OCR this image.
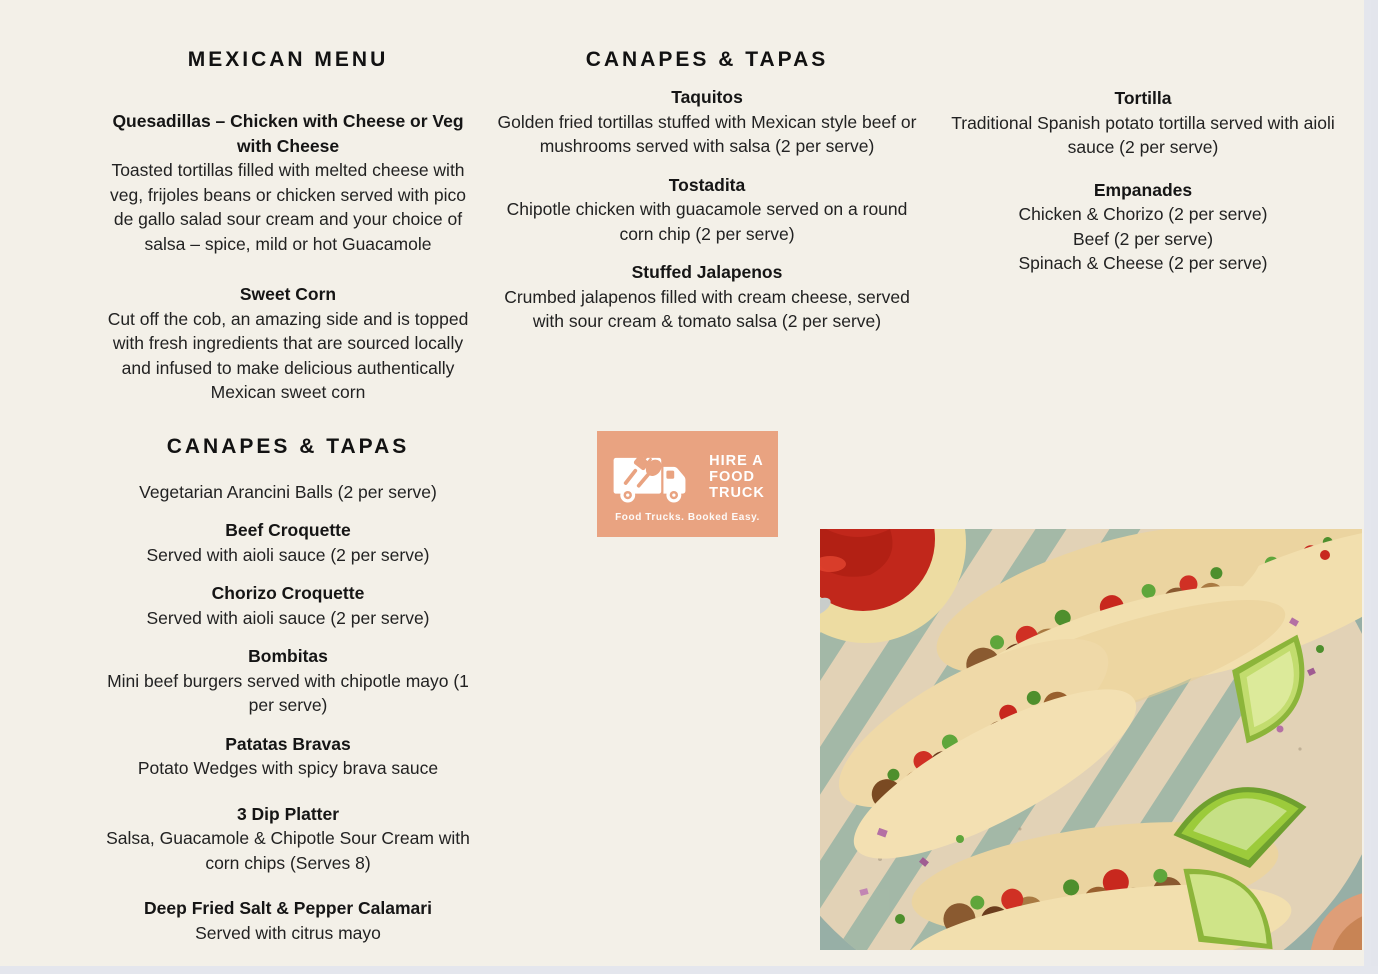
MEXICAN MENU
Quesadillas – Chicken with Cheese or Veg with Cheese
Toasted tortillas filled with melted cheese with veg, frijoles beans or chicken served with pico de gallo salad sour cream and your choice of salsa – spice, mild or hot Guacamole
Sweet Corn
Cut off the cob, an amazing side and is topped with fresh ingredients that are sourced locally and infused to make delicious authentically Mexican sweet corn
CANAPES & TAPAS
Vegetarian Arancini Balls (2 per serve)
Beef Croquette
Served with aioli sauce (2 per serve)
Chorizo Croquette
Served with aioli sauce (2 per serve)
Bombitas
Mini beef burgers served with chipotle mayo (1 per serve)
Patatas Bravas
Potato Wedges with spicy brava sauce
3 Dip Platter
Salsa, Guacamole & Chipotle Sour Cream with corn chips (Serves 8)
Deep Fried Salt & Pepper Calamari
Served with citrus mayo
CANAPES & TAPAS
Taquitos
Golden fried tortillas stuffed with Mexican style beef or mushrooms served with salsa (2 per serve)
Tostadita
Chipotle chicken with guacamole served on a round corn chip (2 per serve)
Stuffed Jalapenos
Crumbed jalapenos filled with cream cheese, served with sour cream & tomato salsa (2 per serve)
Tortilla
Traditional Spanish potato tortilla served with aioli sauce (2 per serve)
Empanades
Chicken & Chorizo (2 per serve)
Beef (2 per serve)
Spinach & Cheese (2 per serve)
HIRE A
FOOD
TRUCK
Food Trucks. Booked Easy.
